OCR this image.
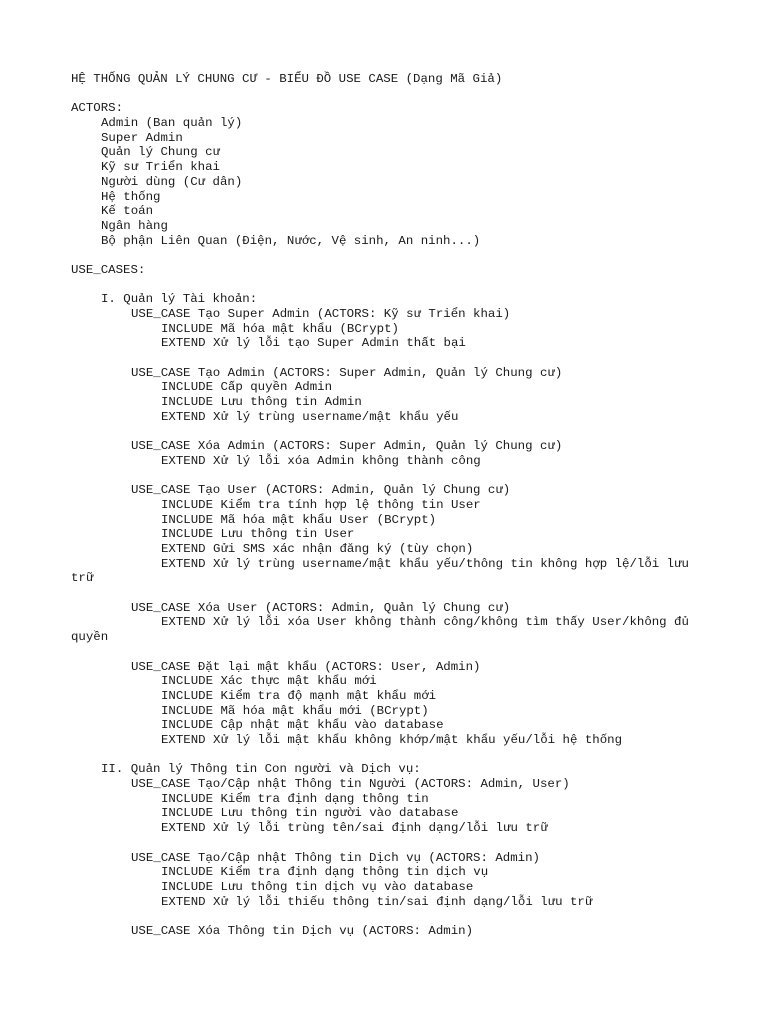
HỆ THỐNG QUẢN LÝ CHUNG CƯ - BIỂU ĐỒ USE CASE (Dạng Mã Giả)
ACTORS:
Admin (Ban quản lý)
Super Admin
Quản lý Chung cư
Kỹ sư Triển khai
Người dùng (Cư dân)
Hệ thống
Kế toán
Ngân hàng
Bộ phận Liên Quan (Điện, Nước, Vệ sinh, An ninh...)
USE_CASES:
I. Quản lý Tài khoản:
USE_CASE Tạo Super Admin (ACTORS: Kỹ sư Triển khai)
INCLUDE Mã hóa mật khẩu (BCrypt)
EXTEND Xử lý lỗi tạo Super Admin thất bại
USE_CASE Tạo Admin (ACTORS: Super Admin, Quản lý Chung cư)
INCLUDE Cấp quyền Admin
INCLUDE Lưu thông tin Admin
EXTEND Xử lý trùng username/mật khẩu yếu
USE_CASE Xóa Admin (ACTORS: Super Admin, Quản lý Chung cư)
EXTEND Xử lý lỗi xóa Admin không thành công
USE_CASE Tạo User (ACTORS: Admin, Quản lý Chung cư)
INCLUDE Kiểm tra tính hợp lệ thông tin User
INCLUDE Mã hóa mật khẩu User (BCrypt)
INCLUDE Lưu thông tin User
EXTEND Gửi SMS xác nhận đăng ký (tùy chọn)
EXTEND Xử lý trùng username/mật khẩu yếu/thông tin không hợp lệ/lỗi lưu trữ
USE_CASE Xóa User (ACTORS: Admin, Quản lý Chung cư)
EXTEND Xử lý lỗi xóa User không thành công/không tìm thấy User/không đủ quyền
USE_CASE Đặt lại mật khẩu (ACTORS: User, Admin)
INCLUDE Xác thực mật khẩu mới
INCLUDE Kiểm tra độ mạnh mật khẩu mới
INCLUDE Mã hóa mật khẩu mới (BCrypt)
INCLUDE Cập nhật mật khẩu vào database
EXTEND Xử lý lỗi mật khẩu không khớp/mật khẩu yếu/lỗi hệ thống
II. Quản lý Thông tin Con người và Dịch vụ:
USE_CASE Tạo/Cập nhật Thông tin Người (ACTORS: Admin, User)
INCLUDE Kiểm tra định dạng thông tin
INCLUDE Lưu thông tin người vào database
EXTEND Xử lý lỗi trùng tên/sai định dạng/lỗi lưu trữ
USE_CASE Tạo/Cập nhật Thông tin Dịch vụ (ACTORS: Admin)
INCLUDE Kiểm tra định dạng thông tin dịch vụ
INCLUDE Lưu thông tin dịch vụ vào database
EXTEND Xử lý lỗi thiếu thông tin/sai định dạng/lỗi lưu trữ
USE_CASE Xóa Thông tin Dịch vụ (ACTORS: Admin)
